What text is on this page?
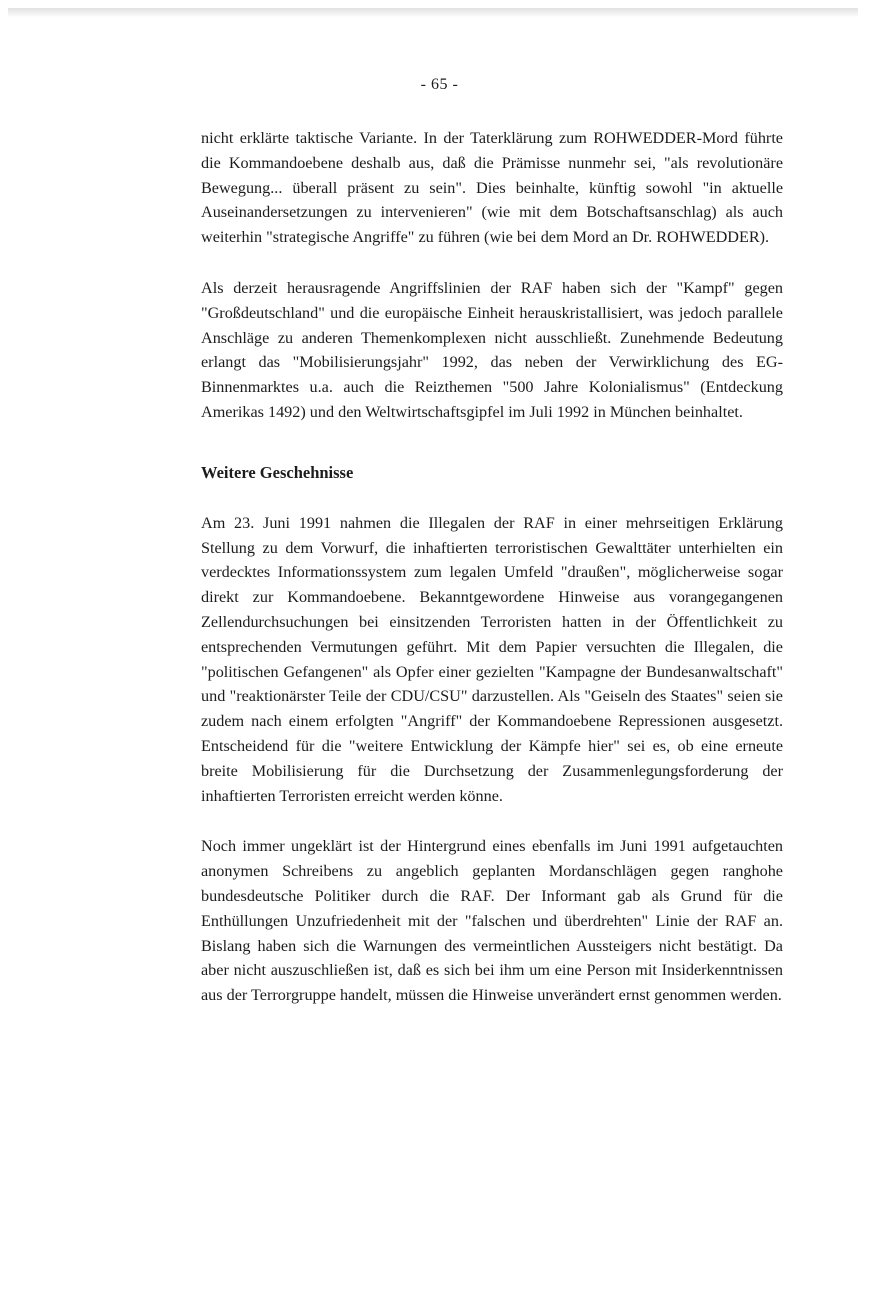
- 65 -

nicht erklärte taktische Variante. In der Taterklärung zum ROHWEDDER-Mord führte die Kommandoebene deshalb aus, daß die Prämisse nunmehr sei, "als revolutionäre Bewegung... überall präsent zu sein". Dies beinhalte, künftig sowohl "in aktuelle Auseinandersetzungen zu intervenieren" (wie mit dem Botschaftsanschlag) als auch weiterhin "strategische Angriffe" zu führen (wie bei dem Mord an Dr. ROHWEDDER).

Als derzeit herausragende Angriffslinien der RAF haben sich der "Kampf" gegen "Großdeutschland" und die europäische Einheit herauskristallisiert, was jedoch parallele Anschläge zu anderen Themenkomplexen nicht ausschließt. Zunehmende Bedeutung erlangt das "Mobilisierungsjahr" 1992, das neben der Verwirklichung des EG-Binnenmarktes u.a. auch die Reizthemen "500 Jahre Kolonialismus" (Entdeckung Amerikas 1492) und den Weltwirtschaftsgipfel im Juli 1992 in München beinhaltet.

Weitere Geschehnisse

Am 23. Juni 1991 nahmen die Illegalen der RAF in einer mehrseitigen Erklärung Stellung zu dem Vorwurf, die inhaftierten terroristischen Gewalttäter unterhielten ein verdecktes Informationssystem zum legalen Umfeld "draußen", möglicherweise sogar direkt zur Kommandoebene. Bekanntgewordene Hinweise aus vorangegangenen Zellendurchsuchungen bei einsitzenden Terroristen hatten in der Öffentlichkeit zu entsprechenden Vermutungen geführt. Mit dem Papier versuchten die Illegalen, die "politischen Gefangenen" als Opfer einer gezielten "Kampagne der Bundesanwaltschaft" und "reaktionärster Teile der CDU/CSU" darzustellen. Als "Geiseln des Staates" seien sie zudem nach einem erfolgten "Angriff" der Kommandoebene Repressionen ausgesetzt. Entscheidend für die "weitere Entwicklung der Kämpfe hier" sei es, ob eine erneute breite Mobilisierung für die Durchsetzung der Zusammenlegungsforderung der inhaftierten Terroristen erreicht werden könne.

Noch immer ungeklärt ist der Hintergrund eines ebenfalls im Juni 1991 aufgetauchten anonymen Schreibens zu angeblich geplanten Mordanschlägen gegen ranghohe bundesdeutsche Politiker durch die RAF. Der Informant gab als Grund für die Enthüllungen Unzufriedenheit mit der "falschen und überdrehten" Linie der RAF an. Bislang haben sich die Warnungen des vermeintlichen Aussteigers nicht bestätigt. Da aber nicht auszuschließen ist, daß es sich bei ihm um eine Person mit Insiderkenntnissen aus der Terrorgruppe handelt, müssen die Hinweise unverändert ernst genommen werden.
